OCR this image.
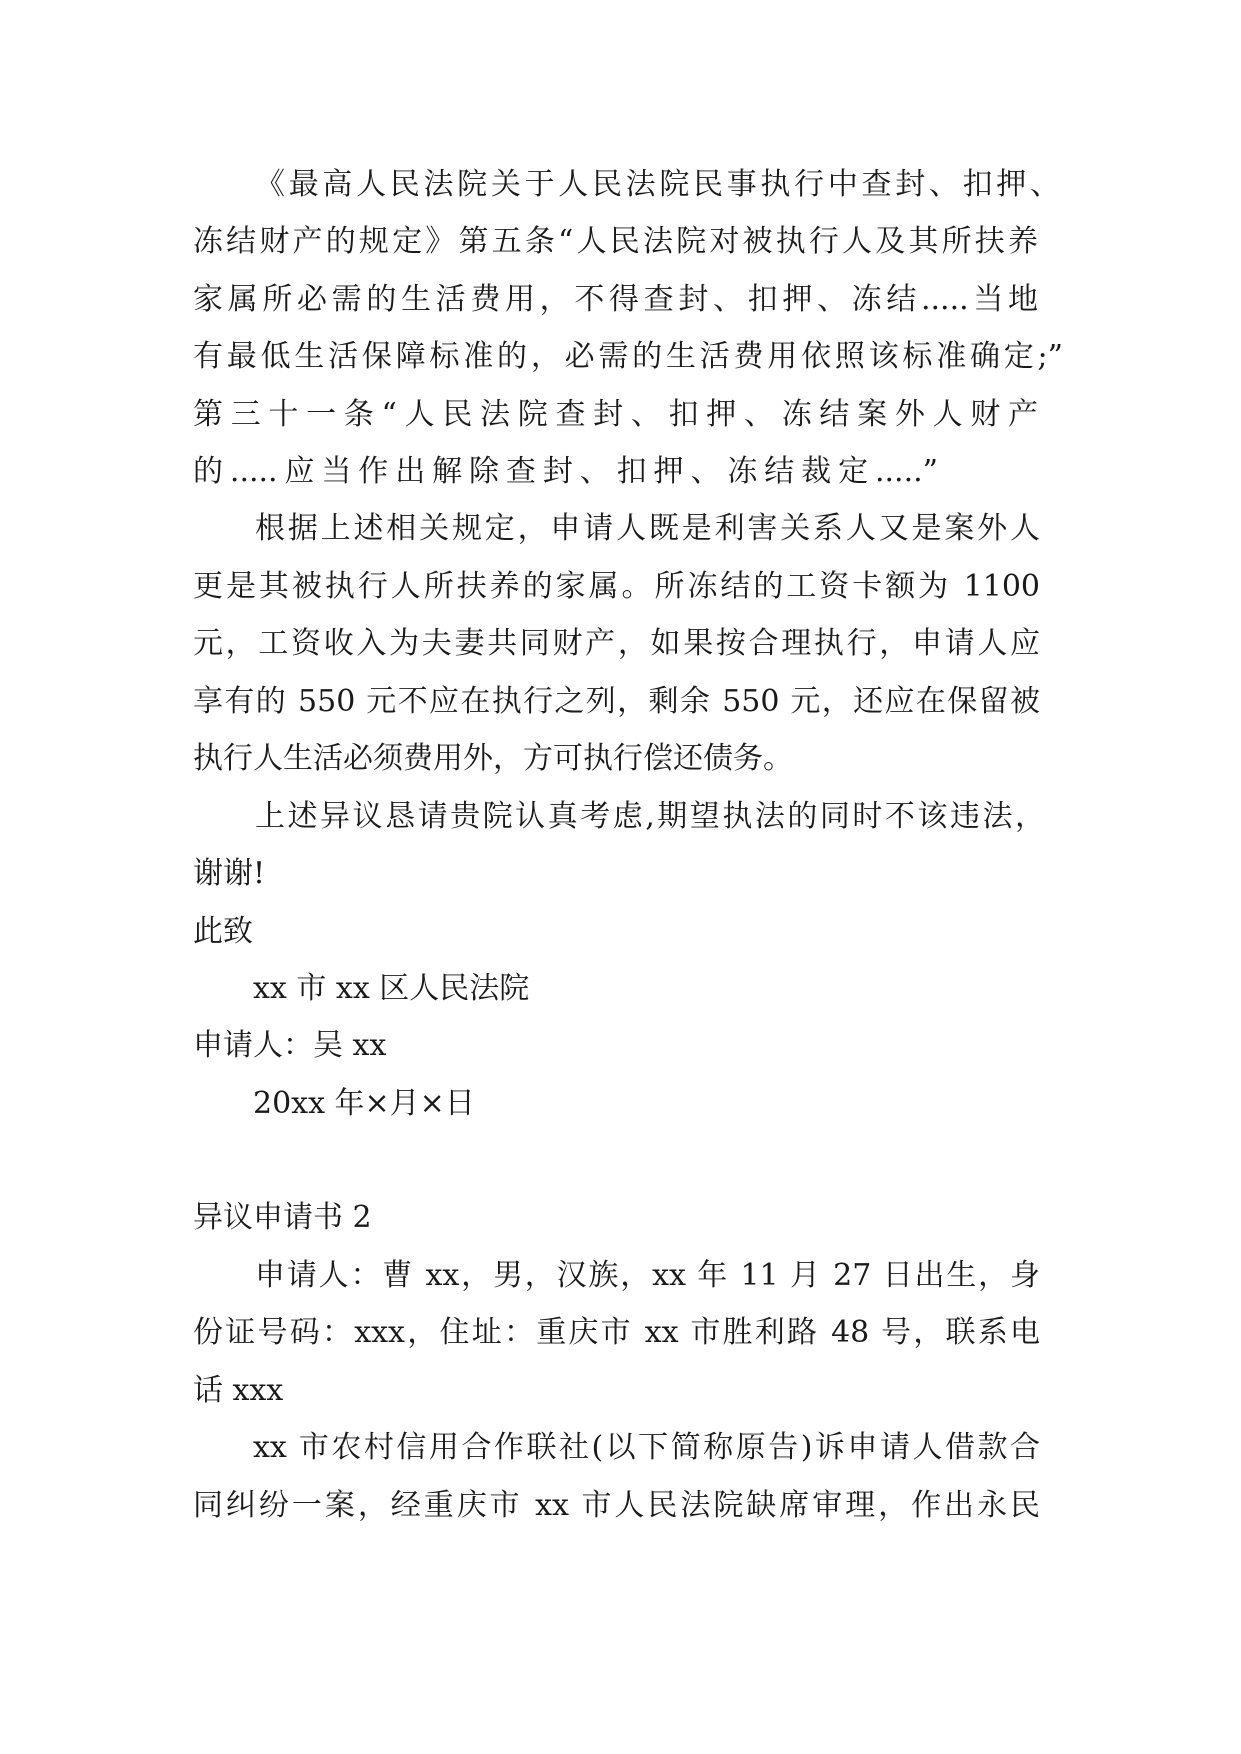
《最高人民法院关于人民法院民事执行中查封、扣押、
冻结财产的规定》第五条“人民法院对被执行人及其所扶养
家属所必需的生活费用，不得查封、扣押、冻结.....当地
有最低生活保障标准的，必需的生活费用依照该标准确定;”
第三十一条“人民法院查封、扣押、冻结案外人财产
的.....应当作出解除查封、扣押、冻结裁定.....”
根据上述相关规定，申请人既是利害关系人又是案外人
更是其被执行人所扶养的家属。所冻结的工资卡额为 1100
元，工资收入为夫妻共同财产，如果按合理执行，申请人应
享有的 550 元不应在执行之列，剩余 550 元，还应在保留被
执行人生活必须费用外，方可执行偿还债务。
上述异议恳请贵院认真考虑,期望执法的同时不该违法，
谢谢!
此致
xx 市 xx 区人民法院
申请人：吴 xx
20xx 年×月×日
异议申请书 2
申请人：曹 xx，男，汉族，xx 年 11 月 27 日出生，身
份证号码：xxx，住址：重庆市 xx 市胜利路 48 号，联系电
话 xxx
xx 市农村信用合作联社(以下简称原告)诉申请人借款合
同纠纷一案，经重庆市 xx 市人民法院缺席审理，作出永民
